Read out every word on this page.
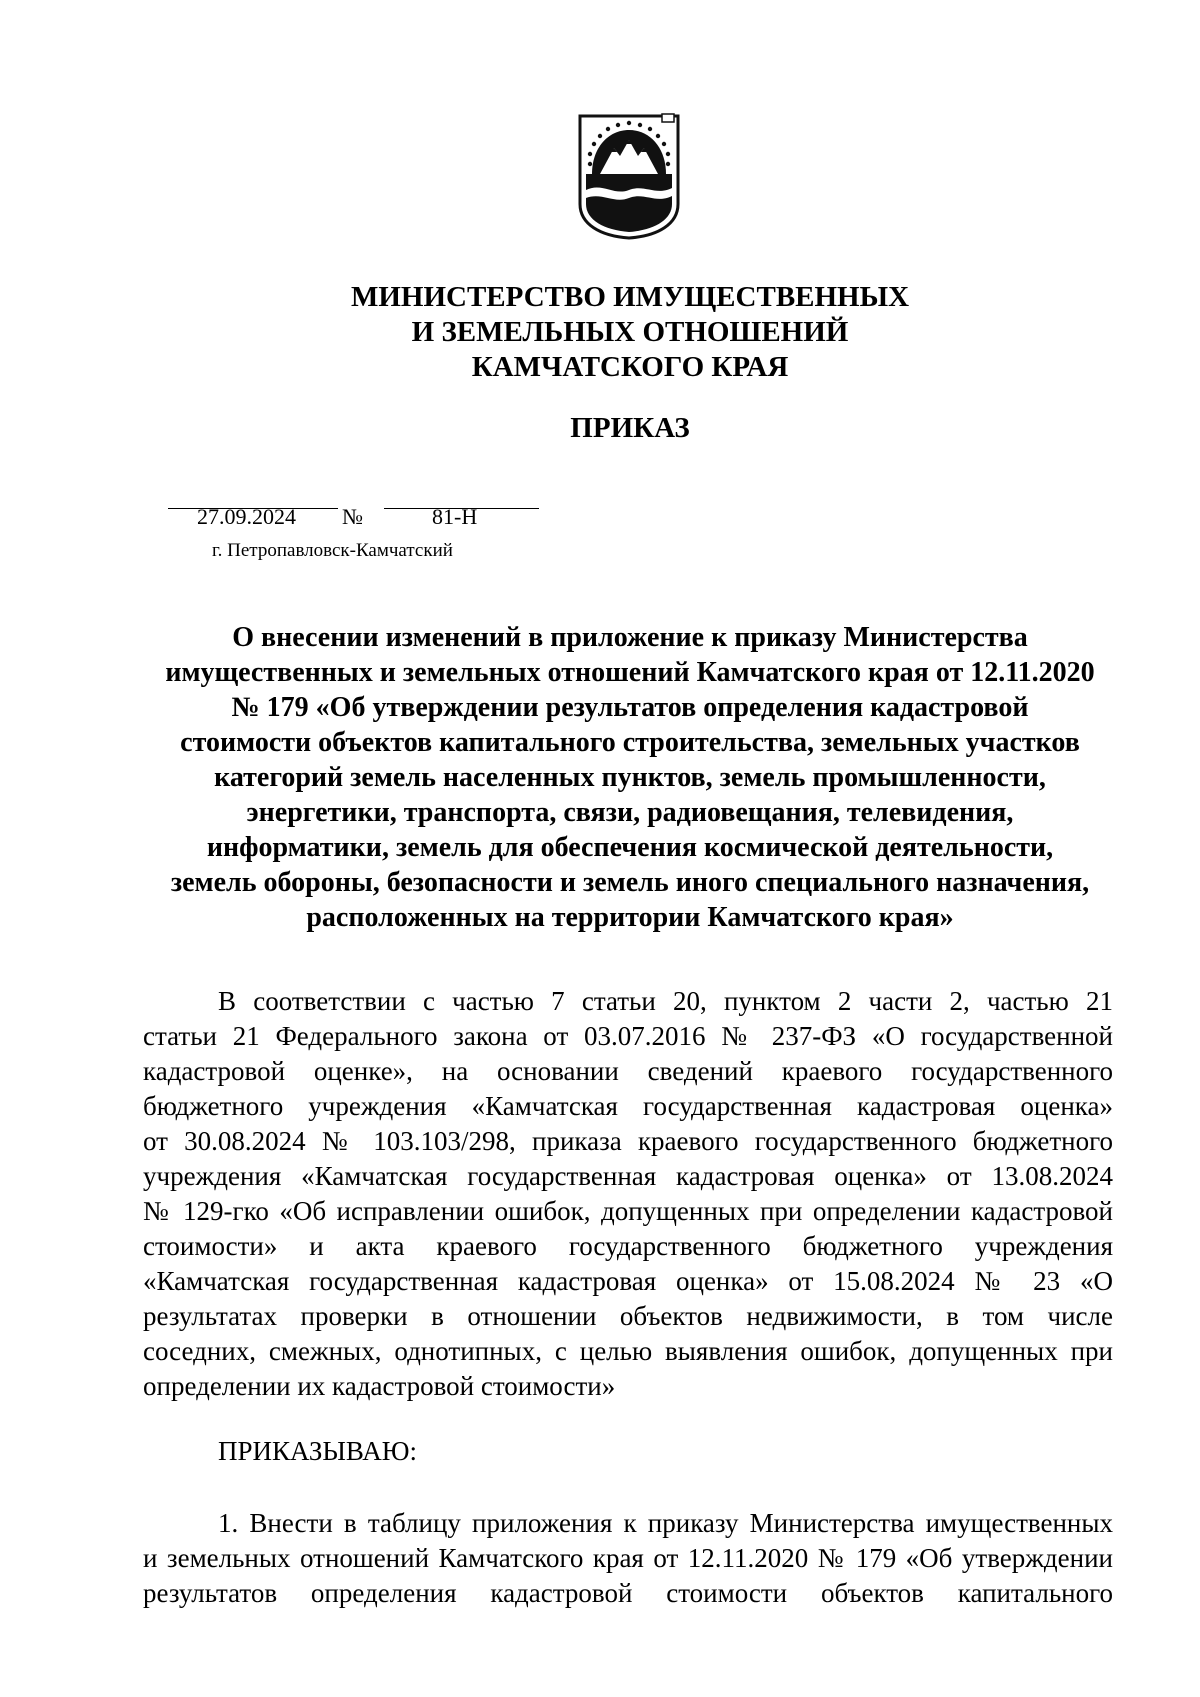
МИНИСТЕРСТВО ИМУЩЕСТВЕННЫХ
И ЗЕМЕЛЬНЫХ ОТНОШЕНИЙ
КАМЧАТСКОГО КРАЯ
ПРИКАЗ
27.09.2024 №	81-Н
г. Петропавловск-Камчатский
О внесении изменений в приложение к приказу Министерства
имущественных и земельных отношений Камчатского края от 12.11.2020
№ 179 «Об утверждении результатов определения кадастровой
стоимости объектов капитального строительства, земельных участков
категорий земель населенных пунктов, земель промышленности,
энергетики, транспорта, связи, радиовещания, телевидения,
информатики, земель для обеспечения космической деятельности,
земель обороны, безопасности и земель иного специального назначения,
расположенных на территории Камчатского края»
В соответствии с частью 7 статьи 20, пунктом 2 части 2, частью 21
статьи 21 Федерального закона от 03.07.2016 № 237-ФЗ «О государственной
кадастровой оценке», на основании сведений краевого государственного
бюджетного учреждения «Камчатская государственная кадастровая оценка»
от 30.08.2024 № 103.103/298, приказа краевого государственного бюджетного
учреждения «Камчатская государственная кадастровая оценка» от 13.08.2024
№ 129-гко «Об исправлении ошибок, допущенных при определении кадастровой
стоимости» и акта краевого государственного бюджетного учреждения
«Камчатская государственная кадастровая оценка» от 15.08.2024 № 23 «О
результатах проверки в отношении объектов недвижимости, в том числе
соседних, смежных, однотипных, с целью выявления ошибок, допущенных при
определении их кадастровой стоимости»
ПРИКАЗЫВАЮ:
1. Внести в таблицу приложения к приказу Министерства имущественных
и земельных отношений Камчатского края от 12.11.2020 № 179 «Об утверждении
результатов определения кадастровой стоимости объектов капитального
